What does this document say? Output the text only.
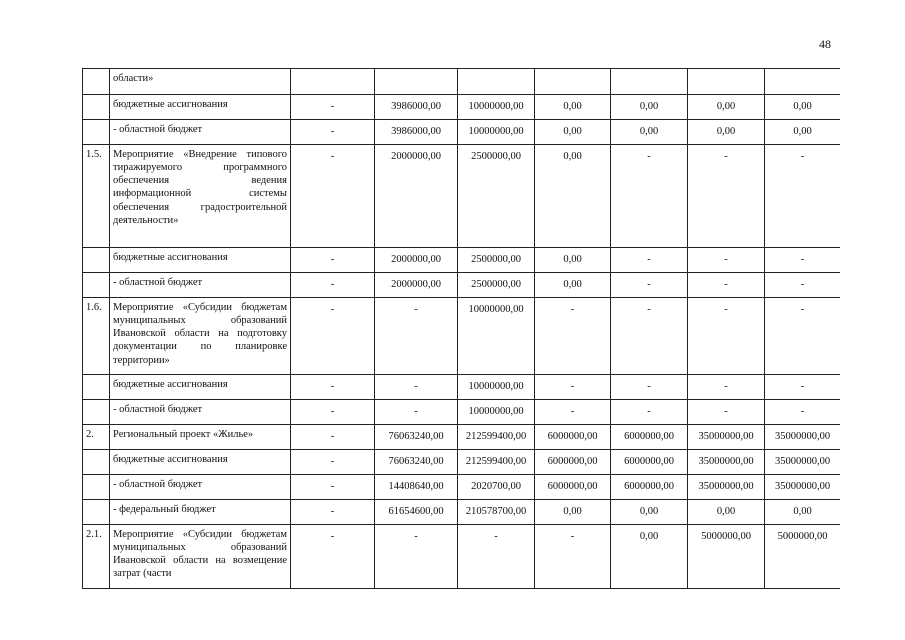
48
	области»							
	бюджетные ассигнования	-	3986000,00	10000000,00	0,00	0,00	0,00	0,00
	- областной бюджет	-	3986000,00	10000000,00	0,00	0,00	0,00	0,00
1.5.	Мероприятие «Внедрение типового тиражируемого программного обеспечения ведения информационной системы обеспечения градостроительной деятельности»	-	2000000,00	2500000,00	0,00	-	-	-
	бюджетные ассигнования	-	2000000,00	2500000,00	0,00	-	-	-
	- областной бюджет	-	2000000,00	2500000,00	0,00	-	-	-
1.6.	Мероприятие «Субсидии бюджетам муниципальных образований Ивановской области на подготовку документации по планировке территории»	-	-	10000000,00	-	-	-	-
	бюджетные ассигнования	-	-	10000000,00	-	-	-	-
	- областной бюджет	-	-	10000000,00	-	-	-	-
2.	Региональный проект «Жилье»	-	76063240,00	212599400,00	6000000,00	6000000,00	35000000,00	35000000,00
	бюджетные ассигнования	-	76063240,00	212599400,00	6000000,00	6000000,00	35000000,00	35000000,00
	- областной бюджет	-	14408640,00	2020700,00	6000000,00	6000000,00	35000000,00	35000000,00
	- федеральный бюджет	-	61654600,00	210578700,00	0,00	0,00	0,00	0,00
2.1.	Мероприятие «Субсидии бюджетам муниципальных образований Ивановской области на возмещение затрат (части	-	-	-	-	0,00	5000000,00	5000000,00
